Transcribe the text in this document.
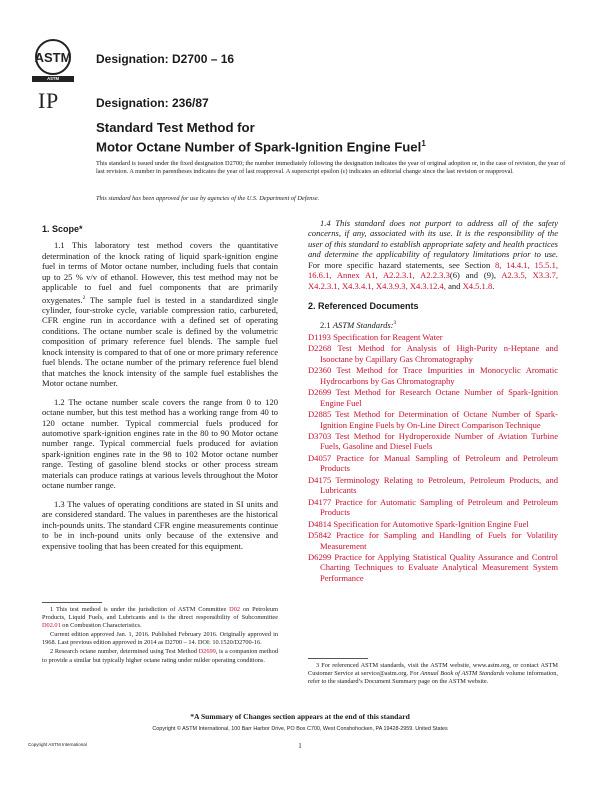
ASTM
ASTM INTERNATIONAL
I P
Designation: D2700 – 16
Designation: 236/87
Standard Test Method for
Motor Octane Number of Spark-Ignition Engine Fuel$^1$
This standard is issued under the fixed designation D2700; the number immediately following the designation indicates the year of original adoption or, in the case of revision, the year of last revision. A number in parentheses indicates the year of last reapproval. A superscript epsilon (ε) indicates an editorial change since the last revision or reapproval.
This standard has been approved for use by agencies of the U.S. Department of Defense.
1. Scope*

1.1 This laboratory test method covers the quantitative determination of the knock rating of liquid spark-ignition engine fuel in terms of Motor octane number, including fuels that contain up to 25 % v/v of ethanol. However, this test method may not be applicable to fuel and fuel components that are primarily oxygenates.$^2$ The sample fuel is tested in a standardized single cylinder, four-stroke cycle, variable compression ratio, carbureted, CFR engine run in accordance with a defined set of operating conditions. The octane number scale is defined by the volumetric composition of primary reference fuel blends. The sample fuel knock intensity is compared to that of one or more primary reference fuel blends. The octane number of the primary reference fuel blend that matches the knock intensity of the sample fuel establishes the Motor octane number.

1.2 The octane number scale covers the range from 0 to 120 octane number, but this test method has a working range from 40 to 120 octane number. Typical commercial fuels produced for automotive spark-ignition engines rate in the 80 to 90 Motor octane number range. Typical commercial fuels produced for aviation spark-ignition engines rate in the 98 to 102 Motor octane number range. Testing of gasoline blend stocks or other process stream materials can produce ratings at various levels throughout the Motor octane number range.

1.3 The values of operating conditions are stated in SI units and are considered standard. The values in parentheses are the historical inch-pounds units. The standard CFR engine measurements continue to be in inch-pound units only because of the extensive and expensive tooling that has been created for this equipment.

1 This test method is under the jurisdiction of ASTM Committee D02 on Petroleum Products, Liquid Fuels, and Lubricants and is the direct responsibility of Subcommittee D02.01 on Combustion Characteristics.

Current edition approved Jan. 1, 2016. Published February 2016. Originally approved in 1968. Last previous edition approved in 2014 as D2700 – 14. DOI: 10.1520/D2700-16.

2 Research octane number, determined using Test Method D2699, is a companion method to provide a similar but typically higher octane rating under milder operating conditions.

1.4 This standard does not purport to address all of the safety concerns, if any, associated with its use. It is the responsibility of the user of this standard to establish appropriate safety and health practices and determine the applicability of regulatory limitations prior to use. For more specific hazard statements, see Section 8, 14.4.1, 15.5.1, 16.6.1, Annex A1, A2.2.3.1, A2.2.3.3(6) and (9), A2.3.5, X3.3.7, X4.2.3.1, X4.3.4.1, X4.3.9.3, X4.3.12.4, and X4.5.1.8.

2. Referenced Documents

2.1 ASTM Standards:$^3$

D1193 Specification for Reagent Water
D2268 Test Method for Analysis of High-Purity n-Heptane and Isooctane by Capillary Gas Chromatography
D2360 Test Method for Trace Impurities in Monocyclic Aromatic Hydrocarbons by Gas Chromatography
D2699 Test Method for Research Octane Number of Spark-Ignition Engine Fuel
D2885 Test Method for Determination of Octane Number of Spark-Ignition Engine Fuels by On-Line Direct Comparison Technique
D3703 Test Method for Hydroperoxide Number of Aviation Turbine Fuels, Gasoline and Diesel Fuels
D4057 Practice for Manual Sampling of Petroleum and Petroleum Products
D4175 Terminology Relating to Petroleum, Petroleum Products, and Lubricants
D4177 Practice for Automatic Sampling of Petroleum and Petroleum Products
D4814 Specification for Automotive Spark-Ignition Engine Fuel
D5842 Practice for Sampling and Handling of Fuels for Volatility Measurement
D6299 Practice for Applying Statistical Quality Assurance and Control Charting Techniques to Evaluate Analytical Measurement System Performance

3 For referenced ASTM standards, visit the ASTM website, www.astm.org, or contact ASTM Customer Service at service@astm.org. For Annual Book of ASTM Standards volume information, refer to the standard’s Document Summary page on the ASTM website.

*A Summary of Changes section appears at the end of this standard
Copyright © ASTM International, 100 Barr Harbor Drive, PO Box C700, West Conshohocken, PA 19428-2959. United States
Copyright ASTM International	1
